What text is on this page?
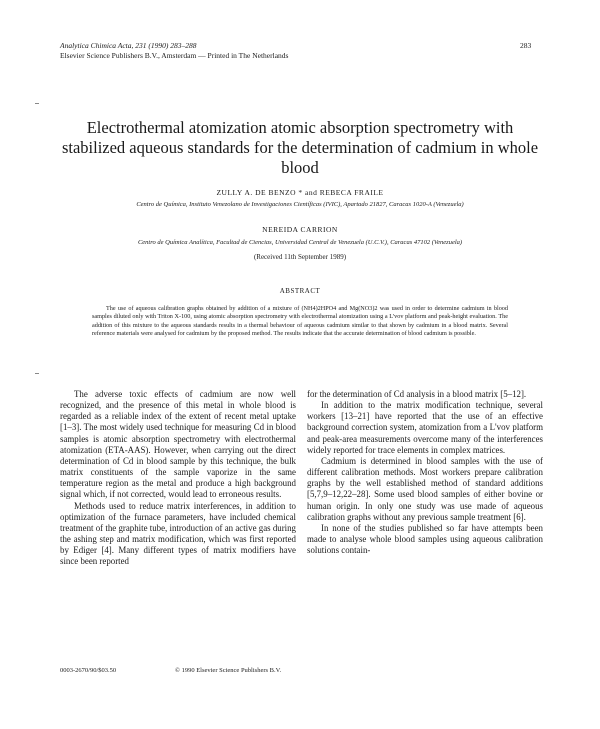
Analytica Chimica Acta, 231 (1990) 283–288
Elsevier Science Publishers B.V., Amsterdam — Printed in The Netherlands
283
Electrothermal atomization atomic absorption spectrometry with stabilized aqueous standards for the determination of cadmium in whole blood
ZULLY A. DE BENZO * and REBECA FRAILE
Centro de Química, Instituto Venezolano de Investigaciones Científicas (IVIC), Apartado 21827, Caracas 1020-A (Venezuela)
NEREIDA CARRION
Centro de Química Analítica, Facultad de Ciencias, Universidad Central de Venezuela (U.C.V.), Caracas 47102 (Venezuela)
(Received 11th September 1989)
ABSTRACT
The use of aqueous calibration graphs obtained by addition of a mixture of (NH4)2HPO4 and Mg(NO3)2 was used in order to determine cadmium in blood samples diluted only with Triton X-100, using atomic absorption spectrometry with electrothermal atomization using a L'vov platform and peak-height evaluation. The addition of this mixture to the aqueous standards results in a thermal behaviour of aqueous cadmium similar to that shown by cadmium in a blood matrix. Several reference materials were analysed for cadmium by the proposed method. The results indicate that the accurate determination of blood cadmium is possible.

The adverse toxic effects of cadmium are now well recognized, and the presence of this metal in whole blood is regarded as a reliable index of the extent of recent metal uptake [1–3]. The most widely used technique for measuring Cd in blood samples is atomic absorption spectrometry with electrothermal atomization (ETA-AAS). However, when carrying out the direct determination of Cd in blood sample by this technique, the bulk matrix constituents of the sample vaporize in the same temperature region as the metal and produce a high background signal which, if not corrected, would lead to erroneous results.

Methods used to reduce matrix interferences, in addition to optimization of the furnace parameters, have included chemical treatment of the graphite tube, introduction of an active gas during the ashing step and matrix modification, which was first reported by Ediger [4]. Many different types of matrix modifiers have since been reported

for the determination of Cd analysis in a blood matrix [5–12].

In addition to the matrix modification technique, several workers [13–21] have reported that the use of an effective background correction system, atomization from a L'vov platform and peak-area measurements overcome many of the interferences widely reported for trace elements in complex matrices.

Cadmium is determined in blood samples with the use of different calibration methods. Most workers prepare calibration graphs by the well established method of standard additions [5,7,9–12,22–28]. Some used blood samples of either bovine or human origin. In only one study was use made of aqueous calibration graphs without any previous sample treatment [6].

In none of the studies published so far have attempts been made to analyse whole blood samples using aqueous calibration solutions contain-

0003-2670/90/$03.50	© 1990 Elsevier Science Publishers B.V.
